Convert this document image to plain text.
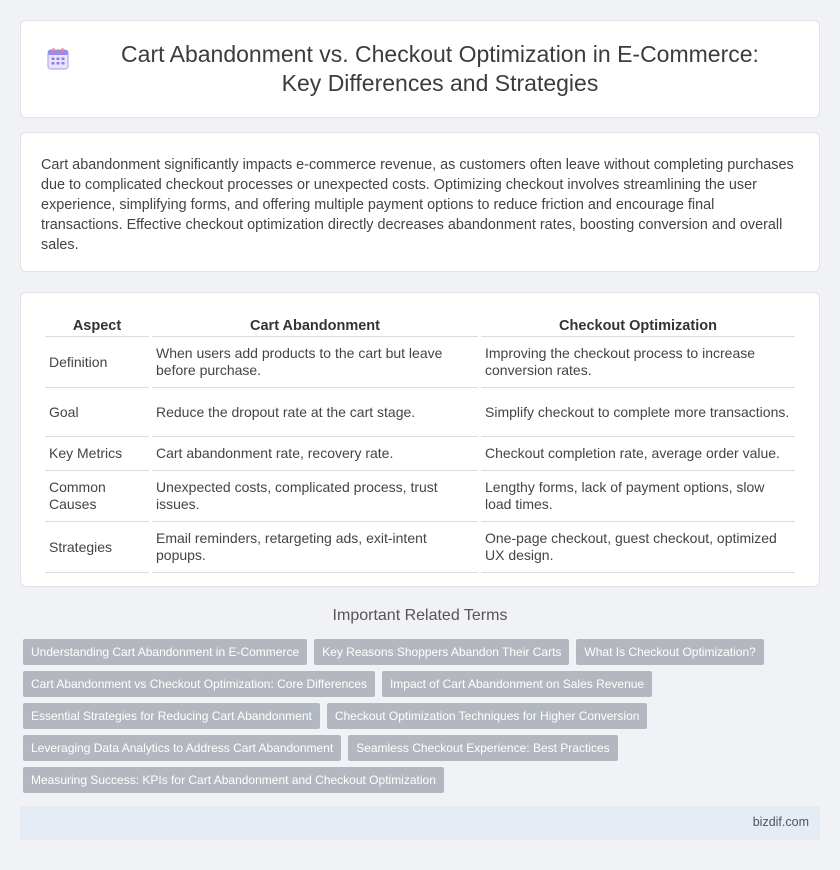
Cart Abandonment vs. Checkout Optimization in E-Commerce: Key Differences and Strategies

Cart abandonment significantly impacts e-commerce revenue, as customers often leave without completing purchases due to complicated checkout processes or unexpected costs. Optimizing checkout involves streamlining the user experience, simplifying forms, and offering multiple payment options to reduce friction and encourage final transactions. Effective checkout optimization directly decreases abandonment rates, boosting conversion and overall sales.

Aspect	Cart Abandonment	Checkout Optimization
Definition	When users add products to the cart but leave before purchase.	Improving the checkout process to increase conversion rates.
Goal	Reduce the dropout rate at the cart stage.	Simplify checkout to complete more transactions.
Key Metrics	Cart abandonment rate, recovery rate.	Checkout completion rate, average order value.
Common Causes	Unexpected costs, complicated process, trust issues.	Lengthy forms, lack of payment options, slow load times.
Strategies	Email reminders, retargeting ads, exit-intent popups.	One-page checkout, guest checkout, optimized UX design.
Important Related Terms
Understanding Cart Abandonment in E-Commerce	Key Reasons Shoppers Abandon Their Carts	What Is Checkout Optimization?
Cart Abandonment vs Checkout Optimization: Core Differences	Impact of Cart Abandonment on Sales Revenue
Essential Strategies for Reducing Cart Abandonment	Checkout Optimization Techniques for Higher Conversion
Leveraging Data Analytics to Address Cart Abandonment	Seamless Checkout Experience: Best Practices
Measuring Success: KPIs for Cart Abandonment and Checkout Optimization
bizdif.com
